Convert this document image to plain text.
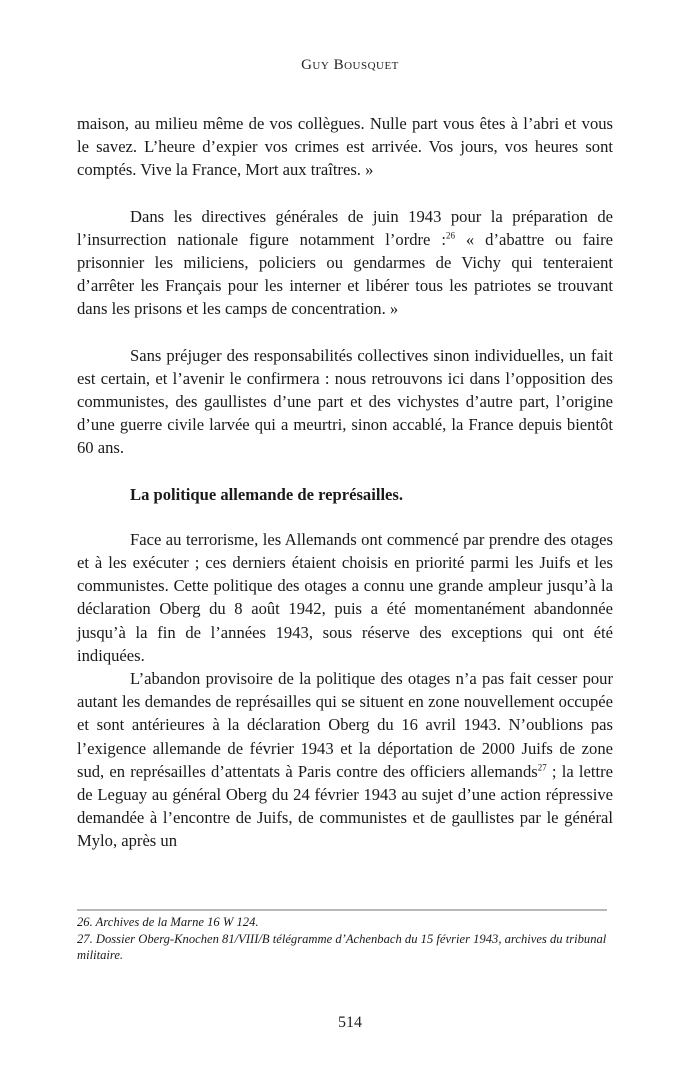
Guy Bousquet

maison, au milieu même de vos collègues. Nulle part vous êtes à l’abri et vous le savez. L’heure d’expier vos crimes est arrivée. Vos jours, vos heures sont comptés. Vive la France, Mort aux traîtres. »

Dans les directives générales de juin 1943 pour la préparation de l’insurrection nationale figure notamment l’ordre :$^{26}$ « d’abattre ou faire prisonnier les miliciens, policiers ou gendarmes de Vichy qui tenteraient d’arrêter les Français pour les interner et libérer tous les patriotes se trouvant dans les prisons et les camps de concentration. »

Sans préjuger des responsabilités collectives sinon individuelles, un fait est certain, et l’avenir le confirmera : nous retrouvons ici dans l’opposition des communistes, des gaullistes d’une part et des vichystes d’autre part, l’origine d’une guerre civile larvée qui a meurtri, sinon accablé, la France depuis bientôt 60 ans.

La politique allemande de représailles.

Face au terrorisme, les Allemands ont commencé par prendre des otages et à les exécuter ; ces derniers étaient choisis en priorité parmi les Juifs et les communistes. Cette politique des otages a connu une grande ampleur jusqu’à la déclaration Oberg du 8 août 1942, puis a été momentanément abandonnée jusqu’à la fin de l’années 1943, sous réserve des exceptions qui ont été indiquées.

L’abandon provisoire de la politique des otages n’a pas fait cesser pour autant les demandes de représailles qui se situent en zone nouvellement occupée et sont antérieures à la déclaration Oberg du 16 avril 1943. N’oublions pas l’exigence allemande de février 1943 et la déportation de 2000 Juifs de zone sud, en représailles d’attentats à Paris contre des officiers allemands$^{27}$ ; la lettre de Leguay au général Oberg du 24 février 1943 au sujet d’une action répressive demandée à l’encontre de Juifs, de communistes et de gaullistes par le général Mylo, après un

26. Archives de la Marne 16 W 124.

27. Dossier Oberg-Knochen 81/VIII/B télégramme d’Achenbach du 15 février 1943, archives du tribunal militaire.

514
